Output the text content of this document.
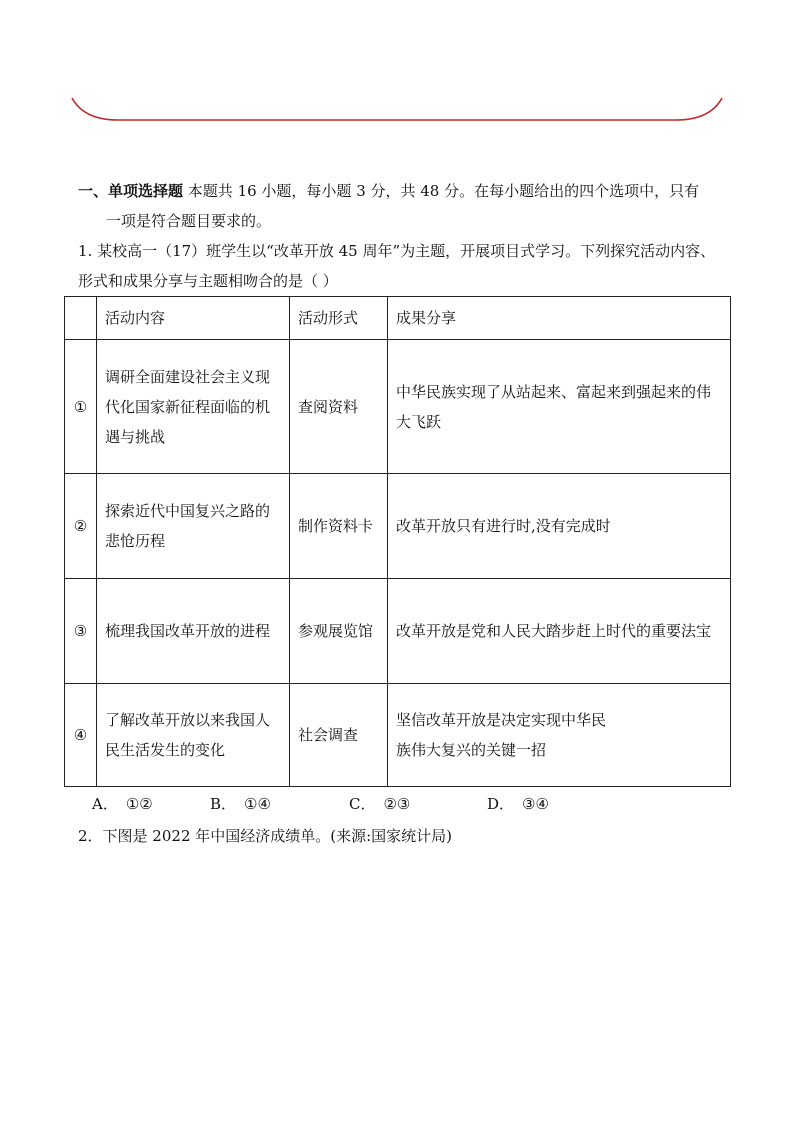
一、单项选择题 本题共 16 小题，每小题 3 分，共 48 分。在每小题给出的四个选项中，只有
一项是符合题目要求的。
1. 某校高一（17）班学生以“改革开放 45 周年”为主题，开展项目式学习。下列探究活动内容、
形式和成果分享与主题相吻合的是（ ）
	活动内容	活动形式	成果分享
①	调研全面建设社会主义现代化国家新征程面临的机遇与挑战	查阅资料	中华民族实现了从站起来、富起来到强起来的伟大飞跃
②	探索近代中国复兴之路的悲怆历程	制作资料卡	改革开放只有进行时,没有完成时
③	梳理我国改革开放的进程	参观展览馆	改革开放是党和人民大踏步赶上时代的重要法宝
④	了解改革开放以来我国人民生活发生的变化	社会调查	坚信改革开放是决定实现中华民
族伟大复兴的关键一招
A． ①②	B． ①④	C． ②③	D． ③④
2．下图是 2022 年中国经济成绩单。(来源:国家统计局)
